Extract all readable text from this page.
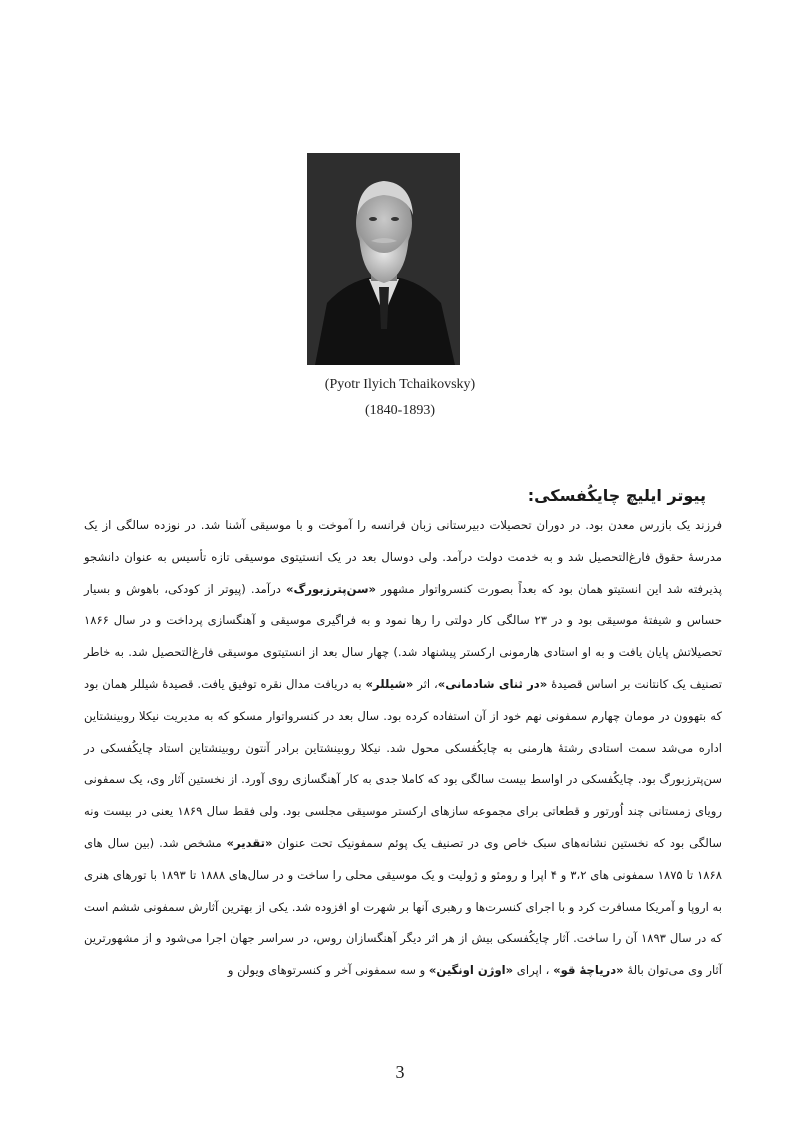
(Pyotr Ilyich Tchaikovsky)
(1840-1893)
پیوتر ایلیچ چایکُفسکی:
فرزند یک بازرس معدن بود. در دوران تحصیلات دبیرستانی زبان فرانسه را آموخت و با موسیقی آشنا شد. در نوزده سالگی از یک مدرسهٔ حقوق فارغ‌التحصیل شد و به خدمت دولت درآمد. ولی دوسال بعد در یک انستیتوی موسیقی تازه تأسیس به عنوان دانشجو پذیرفته شد این انستیتو همان بود که بعداً بصورت کنسرواتوار مشهور «سن‌پترزبورگ» درآمد. (پیوتر از کودکی، باهوش و بسیار حساس و شیفتهٔ موسیقی بود و در ۲۳ سالگی کار دولتی را رها نمود و به فراگیری موسیقی و آهنگسازی پرداخت و در سال ۱۸۶۶ تحصیلاتش پایان یافت و به او استادی هارمونی ارکستر پیشنهاد شد.) چهار سال بعد از انستیتوی موسیقی فارغ‌التحصیل شد. به خاطر تصنیف یک کانتانت بر اساس قصیدهٔ «در ثنای شادمانی»، اثر «شیللر» به دریافت مدال نقره توفیق یافت. قصیدهٔ شیللر همان بود که بتهوون در مومان چهارم سمفونی نهم خود از آن استفاده کرده بود. سال بعد در کنسرواتوار مسکو که به مدیریت نیکلا روبینشتاین اداره می‌شد سمت استادی رشتهٔ هارمنی به چایکُفسکی محول شد. نیکلا روبینشتاین برادر آنتون روبینشتاین استاد چایکُفسکی در سن‌پترزبورگ بود. چایکُفسکی در اواسط بیست سالگی بود که کاملا جدی به کار آهنگسازی روی آورد. از نخستین آثار وی، یک سمفونی رویای زمستانی چند اُورتور و قطعاتی برای مجموعه سازهای ارکستر موسیقی مجلسی بود. ولی فقط سال ۱۸۶۹ یعنی در بیست ونه سالگی بود که نخستین نشانه‌های سبک خاص وی در تصنیف یک پوئم سمفونیک تحت عنوان «تقدیر» مشخص شد. (بین سال های ۱۸۶۸ تا ۱۸۷۵ سمفونی های ۳،۲ و ۴ اپرا و رومئو و ژولیت و یک موسیقی محلی را ساخت و در سال‌های ۱۸۸۸ تا ۱۸۹۳ با تورهای هنری به اروپا و آمریکا مسافرت کرد و با اجرای کنسرت‌ها و رهبری آنها بر شهرت او افزوده شد. یکی از بهترین آثارش سمفونی ششم است که در سال ۱۸۹۳ آن را ساخت. آثار چایکُفسکی بیش از هر اثر دیگر آهنگسازان روس، در سراسر جهان اجرا می‌شود و از مشهورترین آثار وی می‌توان بالهٔ «دریاچهٔ قو» ، اپرای «اوژن اونگین» و سه سمفونی آخر و کنسرتوهای ویولن و
3
